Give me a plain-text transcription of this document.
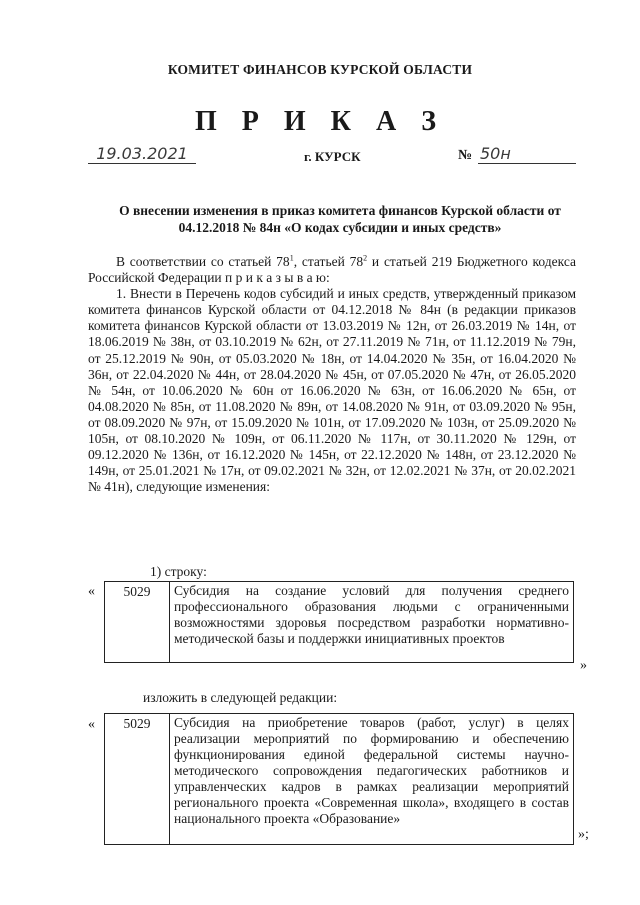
КОМИТЕТ ФИНАНСОВ КУРСКОЙ ОБЛАСТИ
П Р И К А З
19.03.2021	г. КУРСК	№ 50н
О внесении изменения в приказ комитета финансов Курской области от 04.12.2018 № 84н «О кодах субсидии и иных средств»

В соответствии со статьей $78^1$, статьей $78^2$ и статьей 219 Бюджетного кодекса Российской Федерации п р и к а з ы в а ю:

1. Внести в Перечень кодов субсидий и иных средств, утвержденный приказом комитета финансов Курской области от 04.12.2018 № 84н (в редакции приказов комитета финансов Курской области от 13.03.2019 № 12н, от 26.03.2019 № 14н, от 18.06.2019 № 38н, от 03.10.2019 № 62н, от 27.11.2019 № 71н, от 11.12.2019 № 79н, от 25.12.2019 № 90н, от 05.03.2020 № 18н, от 14.04.2020 № 35н, от 16.04.2020 № 36н, от 22.04.2020 № 44н, от 28.04.2020 № 45н, от 07.05.2020 № 47н, от 26.05.2020 № 54н, от 10.06.2020 № 60н от 16.06.2020 № 63н, от 16.06.2020 № 65н, от 04.08.2020 № 85н, от 11.08.2020 № 89н, от 14.08.2020 № 91н, от 03.09.2020 № 95н, от 08.09.2020 № 97н, от 15.09.2020 № 101н, от 17.09.2020 № 103н, от 25.09.2020 № 105н, от 08.10.2020 № 109н, от 06.11.2020 № 117н, от 30.11.2020 № 129н, от 09.12.2020 № 136н, от 16.12.2020 № 145н, от 22.12.2020 № 148н, от 23.12.2020 № 149н, от 25.01.2021 № 17н, от 09.02.2021 № 32н, от 12.02.2021 № 37н, от 20.02.2021 № 41н), следующие изменения:

1) строку:
« 5029	Субсидия на создание условий для получения среднего профессионального образования людьми с ограниченными возможностями здоровья посредством разработки нормативно-методической базы и поддержки инициативных проектов
»
изложить в следующей редакции:
« 5029	Субсидия на приобретение товаров (работ, услуг) в целях реализации мероприятий по формированию и обеспечению функционирования единой федеральной системы научно-методического сопровождения педагогических работников и управленческих кадров в рамках реализации мероприятий регионального проекта «Современная школа», входящего в состав национального проекта «Образование»
»;
